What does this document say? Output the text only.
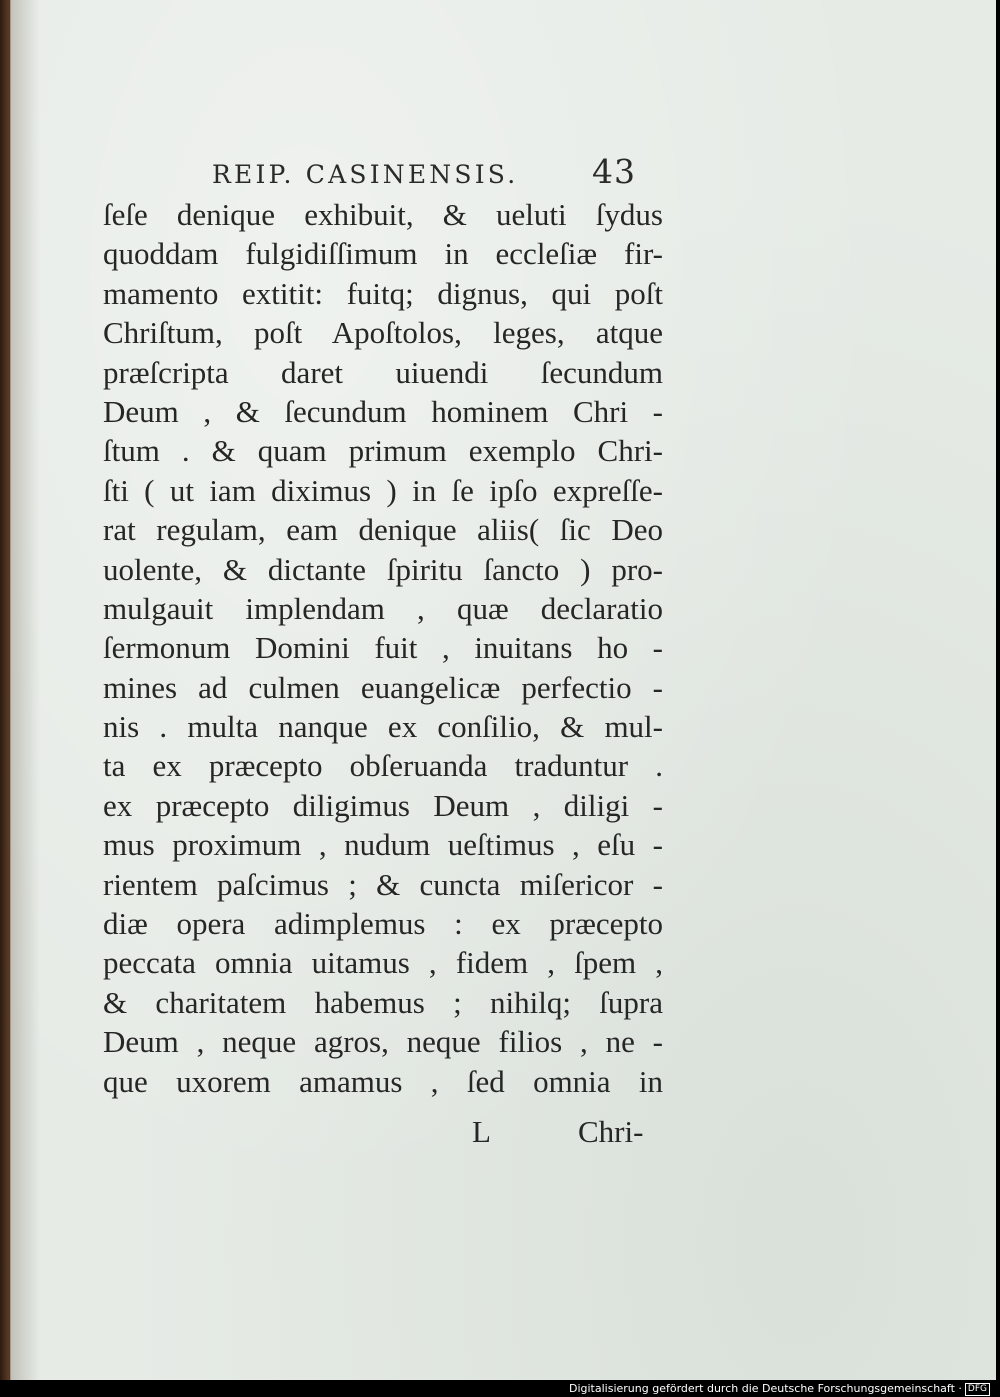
REIP. CASINENSIS. 43
ſeſe denique exhibuit, & ueluti ſydus
quoddam fulgidiſſimum in eccleſiæ fir-
mamento extitit: fuitq; dignus, qui poſt
Chriſtum, poſt Apoſtolos, leges, atque
præſcripta daret uiuendi ſecundum
Deum , & ſecundum hominem Chri -
ſtum . & quam primum exemplo Chri-
ſti ( ut iam diximus ) in ſe ipſo expreſſe-
rat regulam, eam denique aliis( ſic Deo
uolente, & dictante ſpiritu ſancto ) pro-
mulgauit implendam , quæ declaratio
ſermonum Domini fuit , inuitans ho -
mines ad culmen euangelicæ perfectio -
nis . multa nanque ex conſilio, & mul-
ta ex præcepto obſeruanda traduntur .
ex præcepto diligimus Deum , diligi -
mus proximum , nudum ueſtimus , eſu -
rientem paſcimus ; & cuncta miſericor -
diæ opera adimplemus : ex præcepto
peccata omnia uitamus , fidem , ſpem ,
& charitatem habemus ; nihilq; ſupra
Deum , neque agros, neque filios , ne -
que uxorem amamus , ſed omnia in
L	Chri-
Digitalisierung gefördert durch die Deutsche Forschungsgemeinschaft · DFG
